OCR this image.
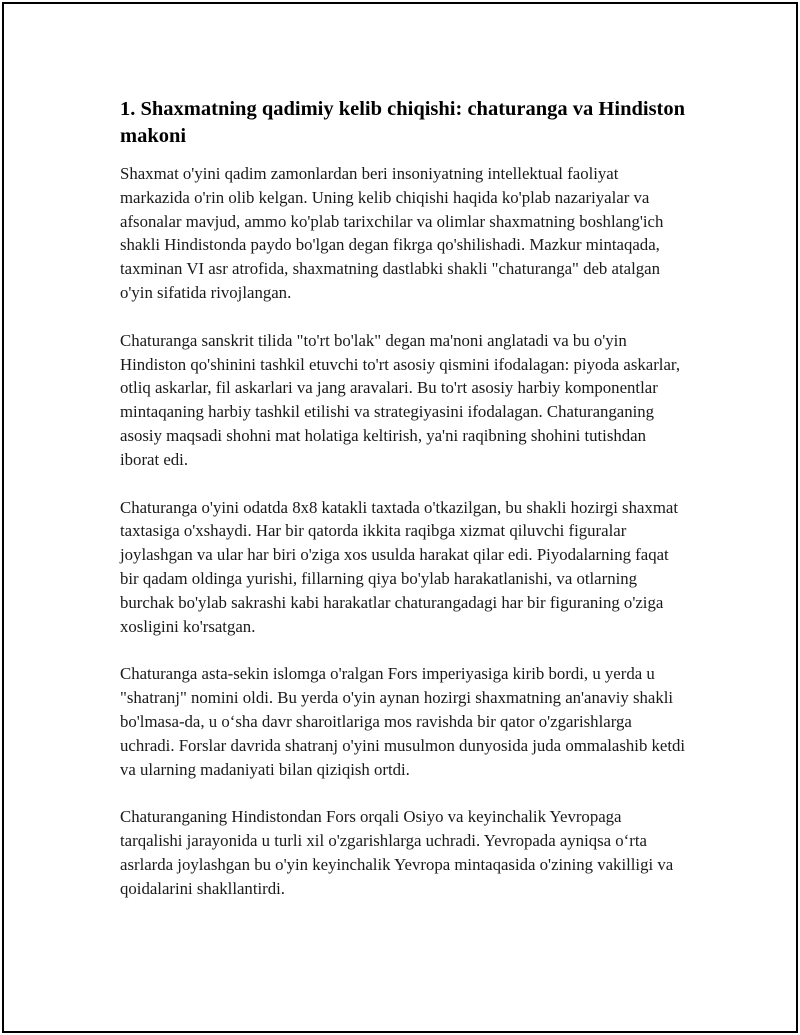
1. Shaxmatning qadimiy kelib chiqishi: chaturanga va Hindiston makoni

Shaxmat o'yini qadim zamonlardan beri insoniyatning intellektual faoliyat markazida o'rin olib kelgan. Uning kelib chiqishi haqida ko'plab nazariyalar va afsonalar mavjud, ammo ko'plab tarixchilar va olimlar shaxmatning boshlang'ich shakli Hindistonda paydo bo'lgan degan fikrga qo'shilishadi. Mazkur mintaqada, taxminan VI asr atrofida, shaxmatning dastlabki shakli "chaturanga" deb atalgan o'yin sifatida rivojlangan.

Chaturanga sanskrit tilida "to'rt bo'lak" degan ma'noni anglatadi va bu o'yin Hindiston qo'shinini tashkil etuvchi to'rt asosiy qismini ifodalagan: piyoda askarlar, otliq askarlar, fil askarlari va jang aravalari. Bu to'rt asosiy harbiy komponentlar mintaqaning harbiy tashkil etilishi va strategiyasini ifodalagan. Chaturanganing asosiy maqsadi shohni mat holatiga keltirish, ya'ni raqibning shohini tutishdan iborat edi.

Chaturanga o'yini odatda 8x8 katakli taxtada o'tkazilgan, bu shakli hozirgi shaxmat taxtasiga o'xshaydi. Har bir qatorda ikkita raqibga xizmat qiluvchi figuralar joylashgan va ular har biri o'ziga xos usulda harakat qilar edi. Piyodalarning faqat bir qadam oldinga yurishi, fillarning qiya bo'ylab harakatlanishi, va otlarning burchak bo'ylab sakrashi kabi harakatlar chaturangadagi har bir figuraning o'ziga xosligini ko'rsatgan.

Chaturanga asta-sekin islomga o'ralgan Fors imperiyasiga kirib bordi, u yerda u "shatranj" nomini oldi. Bu yerda o'yin aynan hozirgi shaxmatning an'anaviy shakli bo'lmasa-da, u o‘sha davr sharoitlariga mos ravishda bir qator o'zgarishlarga uchradi. Forslar davrida shatranj o'yini musulmon dunyosida juda ommalashib ketdi va ularning madaniyati bilan qiziqish ortdi.

Chaturanganing Hindistondan Fors orqali Osiyo va keyinchalik Yevropaga tarqalishi jarayonida u turli xil o'zgarishlarga uchradi. Yevropada ayniqsa o‘rta asrlarda joylashgan bu o'yin keyinchalik Yevropa mintaqasida o'zining vakilligi va qoidalarini shakllantirdi.
